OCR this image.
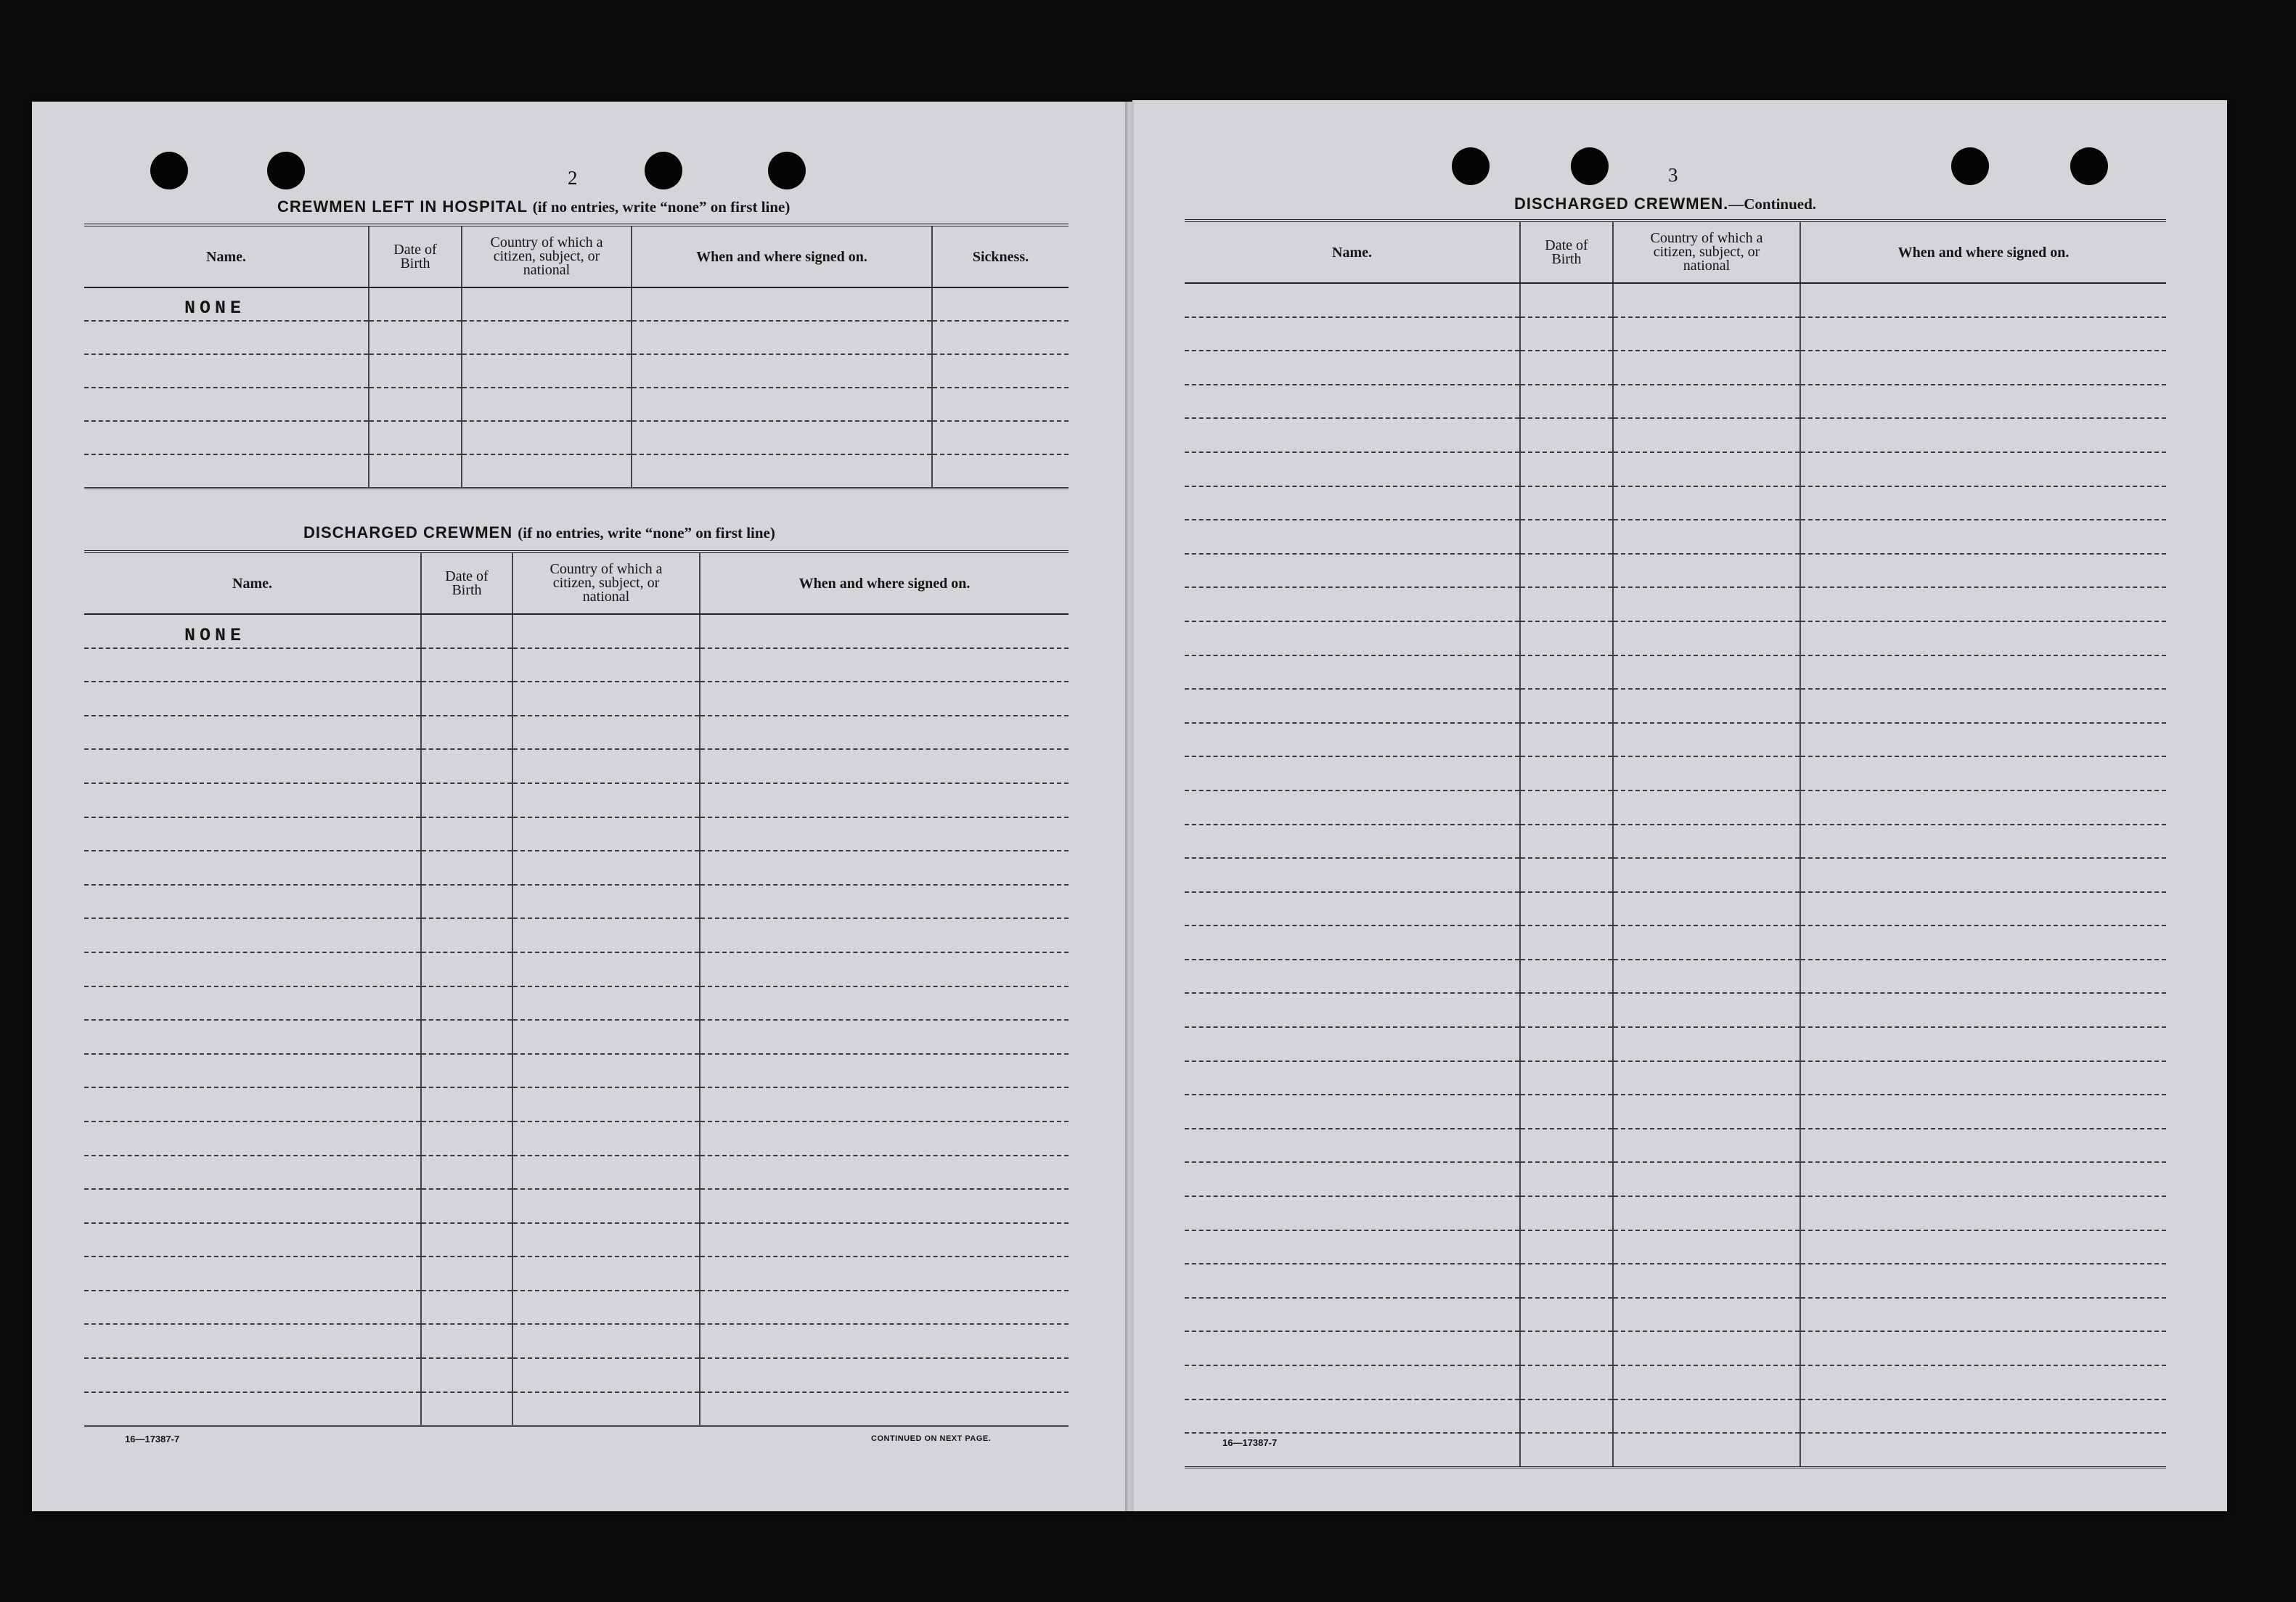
2
CREWMEN LEFT IN HOSPITAL (if no entries, write “none” on first line)
Name.	Date of Birth	Country of which a citizen, subject, or national	When and where signed on.	Sickness.

NONE				

DISCHARGED CREWMEN (if no entries, write “none” on first line)
Name.	Date of Birth	Country of which a citizen, subject, or national	When and where signed on.

NONE			

16—17387-7	CONTINUED ON NEXT PAGE.
3
DISCHARGED CREWMEN.—Continued.
Name.	Date of Birth	Country of which a citizen, subject, or national	When and where signed on.

16—17387-7
